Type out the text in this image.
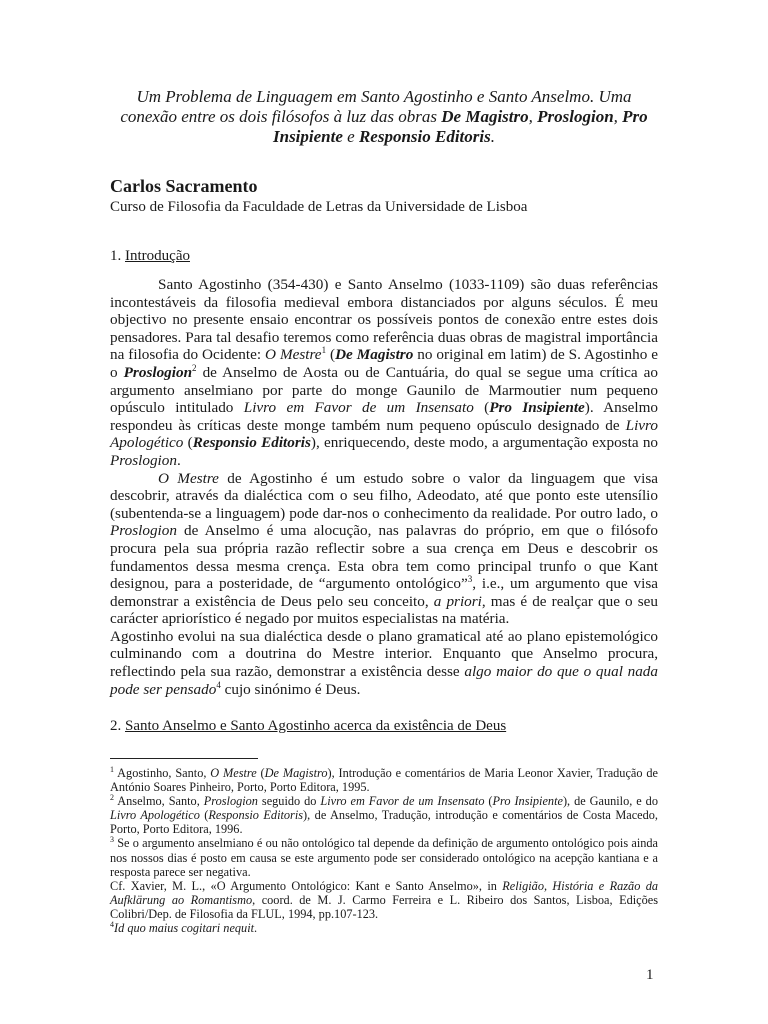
Um Problema de Linguagem em Santo Agostinho e Santo Anselmo. Uma conexão entre os dois filósofos à luz das obras De Magistro, Proslogion, Pro Insipiente e Responsio Editoris.
Carlos Sacramento
Curso de Filosofia da Faculdade de Letras da Universidade de Lisboa
1. Introdução

Santo Agostinho (354-430) e Santo Anselmo (1033-1109) são duas referências incontestáveis da filosofia medieval embora distanciados por alguns séculos. É meu objectivo no presente ensaio encontrar os possíveis pontos de conexão entre estes dois pensadores. Para tal desafio teremos como referência duas obras de magistral importância na filosofia do Ocidente: O Mestre$^1$ (De Magistro no original em latim) de S. Agostinho e o Proslogion$^2$ de Anselmo de Aosta ou de Cantuária, do qual se segue uma crítica ao argumento anselmiano por parte do monge Gaunilo de Marmoutier num pequeno opúsculo intitulado Livro em Favor de um Insensato (Pro Insipiente). Anselmo respondeu às críticas deste monge também num pequeno opúsculo designado de Livro Apologético (Responsio Editoris), enriquecendo, deste modo, a argumentação exposta no Proslogion.

O Mestre de Agostinho é um estudo sobre o valor da linguagem que visa descobrir, através da dialéctica com o seu filho, Adeodato, até que ponto este utensílio (subentenda-se a linguagem) pode dar-nos o conhecimento da realidade. Por outro lado, o Proslogion de Anselmo é uma alocução, nas palavras do próprio, em que o filósofo procura pela sua própria razão reflectir sobre a sua crença em Deus e descobrir os fundamentos dessa mesma crença. Esta obra tem como principal trunfo o que Kant designou, para a posteridade, de “argumento ontológico”$^3$, i.e., um argumento que visa demonstrar a existência de Deus pelo seu conceito, a priori, mas é de realçar que o seu carácter apriorístico é negado por muitos especialistas na matéria.

Agostinho evolui na sua dialéctica desde o plano gramatical até ao plano epistemológico culminando com a doutrina do Mestre interior. Enquanto que Anselmo procura, reflectindo pela sua razão, demonstrar a existência desse algo maior do que o qual nada pode ser pensado$^4$ cujo sinónimo é Deus.

2. Santo Anselmo e Santo Agostinho acerca da existência de Deus

$^1$ Agostinho, Santo, O Mestre (De Magistro), Introdução e comentários de Maria Leonor Xavier, Tradução de António Soares Pinheiro, Porto, Porto Editora, 1995.

$^2$ Anselmo, Santo, Proslogion seguido do Livro em Favor de um Insensato (Pro Insipiente), de Gaunilo, e do Livro Apologético (Responsio Editoris), de Anselmo, Tradução, introdução e comentários de Costa Macedo, Porto, Porto Editora, 1996.

$^3$ Se o argumento anselmiano é ou não ontológico tal depende da definição de argumento ontológico pois ainda nos nossos dias é posto em causa se este argumento pode ser considerado ontológico na acepção kantiana e a resposta parece ser negativa.

Cf. Xavier, M. L., «O Argumento Ontológico: Kant e Santo Anselmo», in Religião, História e Razão da Aufklärung ao Romantismo, coord. de M. J. Carmo Ferreira e L. Ribeiro dos Santos, Lisboa, Edições Colibri/Dep. de Filosofia da FLUL, 1994, pp.107-123.

$^4$Id quo maius cogitari nequit.

1
